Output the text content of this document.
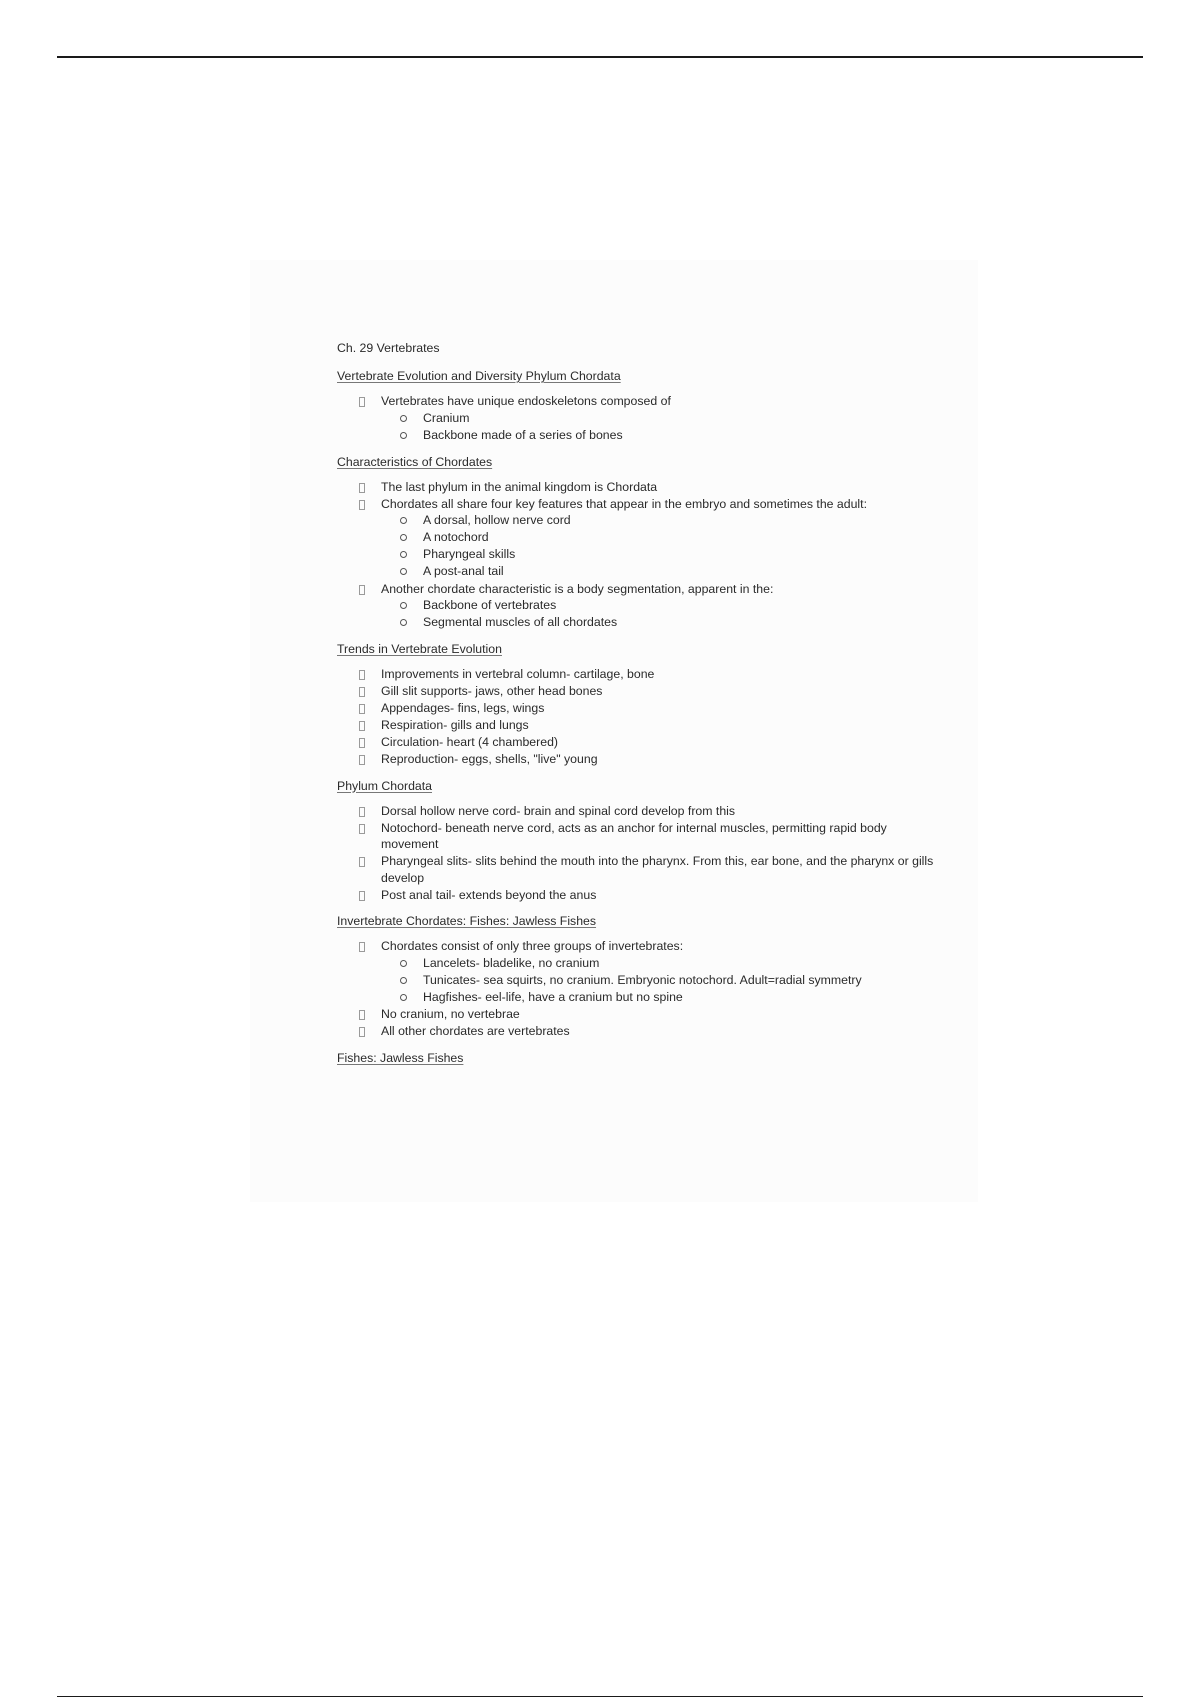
Ch. 29 Vertebrates
Vertebrate Evolution and Diversity Phylum Chordata
Vertebrates have unique endoskeletons composed of
Cranium
Backbone made of a series of bones
Characteristics of Chordates
The last phylum in the animal kingdom is Chordata
Chordates all share four key features that appear in the embryo and sometimes the adult:
A dorsal, hollow nerve cord
A notochord
Pharyngeal skills
A post-anal tail
Another chordate characteristic is a body segmentation, apparent in the:
Backbone of vertebrates
Segmental muscles of all chordates
Trends in Vertebrate Evolution
Improvements in vertebral column- cartilage, bone
Gill slit supports- jaws, other head bones
Appendages- fins, legs, wings
Respiration- gills and lungs
Circulation- heart (4 chambered)
Reproduction- eggs, shells, "live" young
Phylum Chordata
Dorsal hollow nerve cord- brain and spinal cord develop from this
Notochord- beneath nerve cord, acts as an anchor for internal muscles, permitting rapid body movement
Pharyngeal slits- slits behind the mouth into the pharynx. From this, ear bone, and the pharynx or gills develop
Post anal tail- extends beyond the anus
Invertebrate Chordates: Fishes: Jawless Fishes
Chordates consist of only three groups of invertebrates:
Lancelets- bladelike, no cranium
Tunicates- sea squirts, no cranium. Embryonic notochord. Adult=radial symmetry
Hagfishes- eel-life, have a cranium but no spine
No cranium, no vertebrae
All other chordates are vertebrates
Fishes: Jawless Fishes
